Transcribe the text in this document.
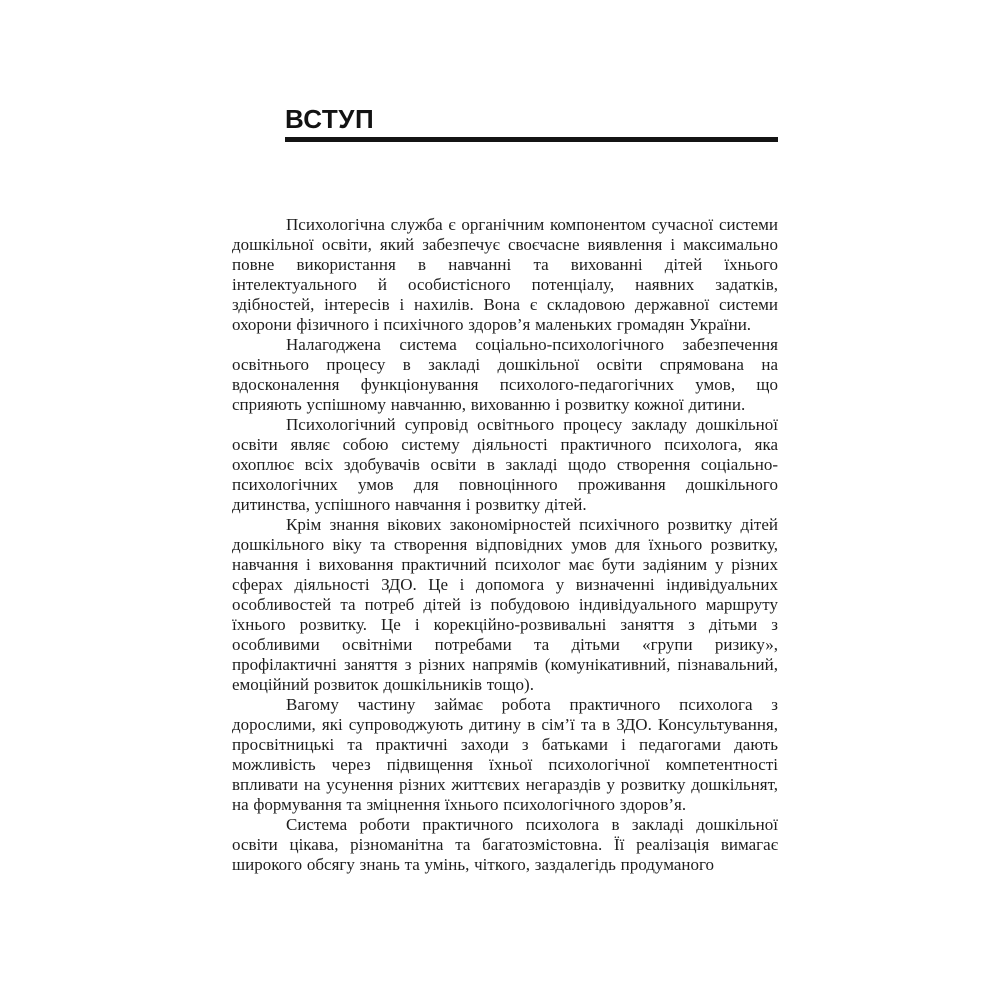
ВСТУП

Психологічна служба є органічним компонентом сучасної системи дошкільної освіти, який забезпечує своєчасне виявлення і максимально повне використання в навчанні та вихованні дітей їхнього інтелектуального й особистісного потенціалу, наявних задатків, здібностей, інтересів і нахилів. Вона є складовою державної системи охорони фізичного і психічного здоров’я маленьких громадян України.

Налагоджена система соціально-психологічного забезпечення освітнього процесу в закладі дошкільної освіти спрямована на вдосконалення функціонування психолого-педагогічних умов, що сприяють успішному навчанню, вихованню і розвитку кожної дитини.

Психологічний супровід освітнього процесу закладу дошкільної освіти являє собою систему діяльності практичного психолога, яка охоплює всіх здобувачів освіти в закладі щодо створення соціально-психологічних умов для повноцінного проживання дошкільного дитинства, успішного навчання і розвитку дітей.

Крім знання вікових закономірностей психічного розвитку дітей дошкільного віку та створення відповідних умов для їхнього розвитку, навчання і виховання практичний психолог має бути задіяним у різних сферах діяльності ЗДО. Це і допомога у визначенні індивідуальних особливостей та потреб дітей із побудовою індивідуального маршруту їхнього розвитку. Це і корекційно-розвивальні заняття з дітьми з особливими освітніми потребами та дітьми «групи ризику», профілактичні заняття з різних напрямів (комунікативний, пізнавальний, емоційний розвиток дошкільників тощо).

Вагому частину займає робота практичного психолога з дорослими, які супроводжують дитину в сім’ї та в ЗДО. Консультування, просвітницькі та практичні заходи з батьками і педагогами дають можливість через підвищення їхньої психологічної компетентності впливати на усунення різних життєвих негараздів у розвитку дошкільнят, на формування та зміцнення їхнього психологічного здоров’я.

Система роботи практичного психолога в закладі дошкільної освіти цікава, різноманітна та багатозмістовна. Її реалізація вимагає широкого обсягу знань та умінь, чіткого, заздалегідь продуманого
